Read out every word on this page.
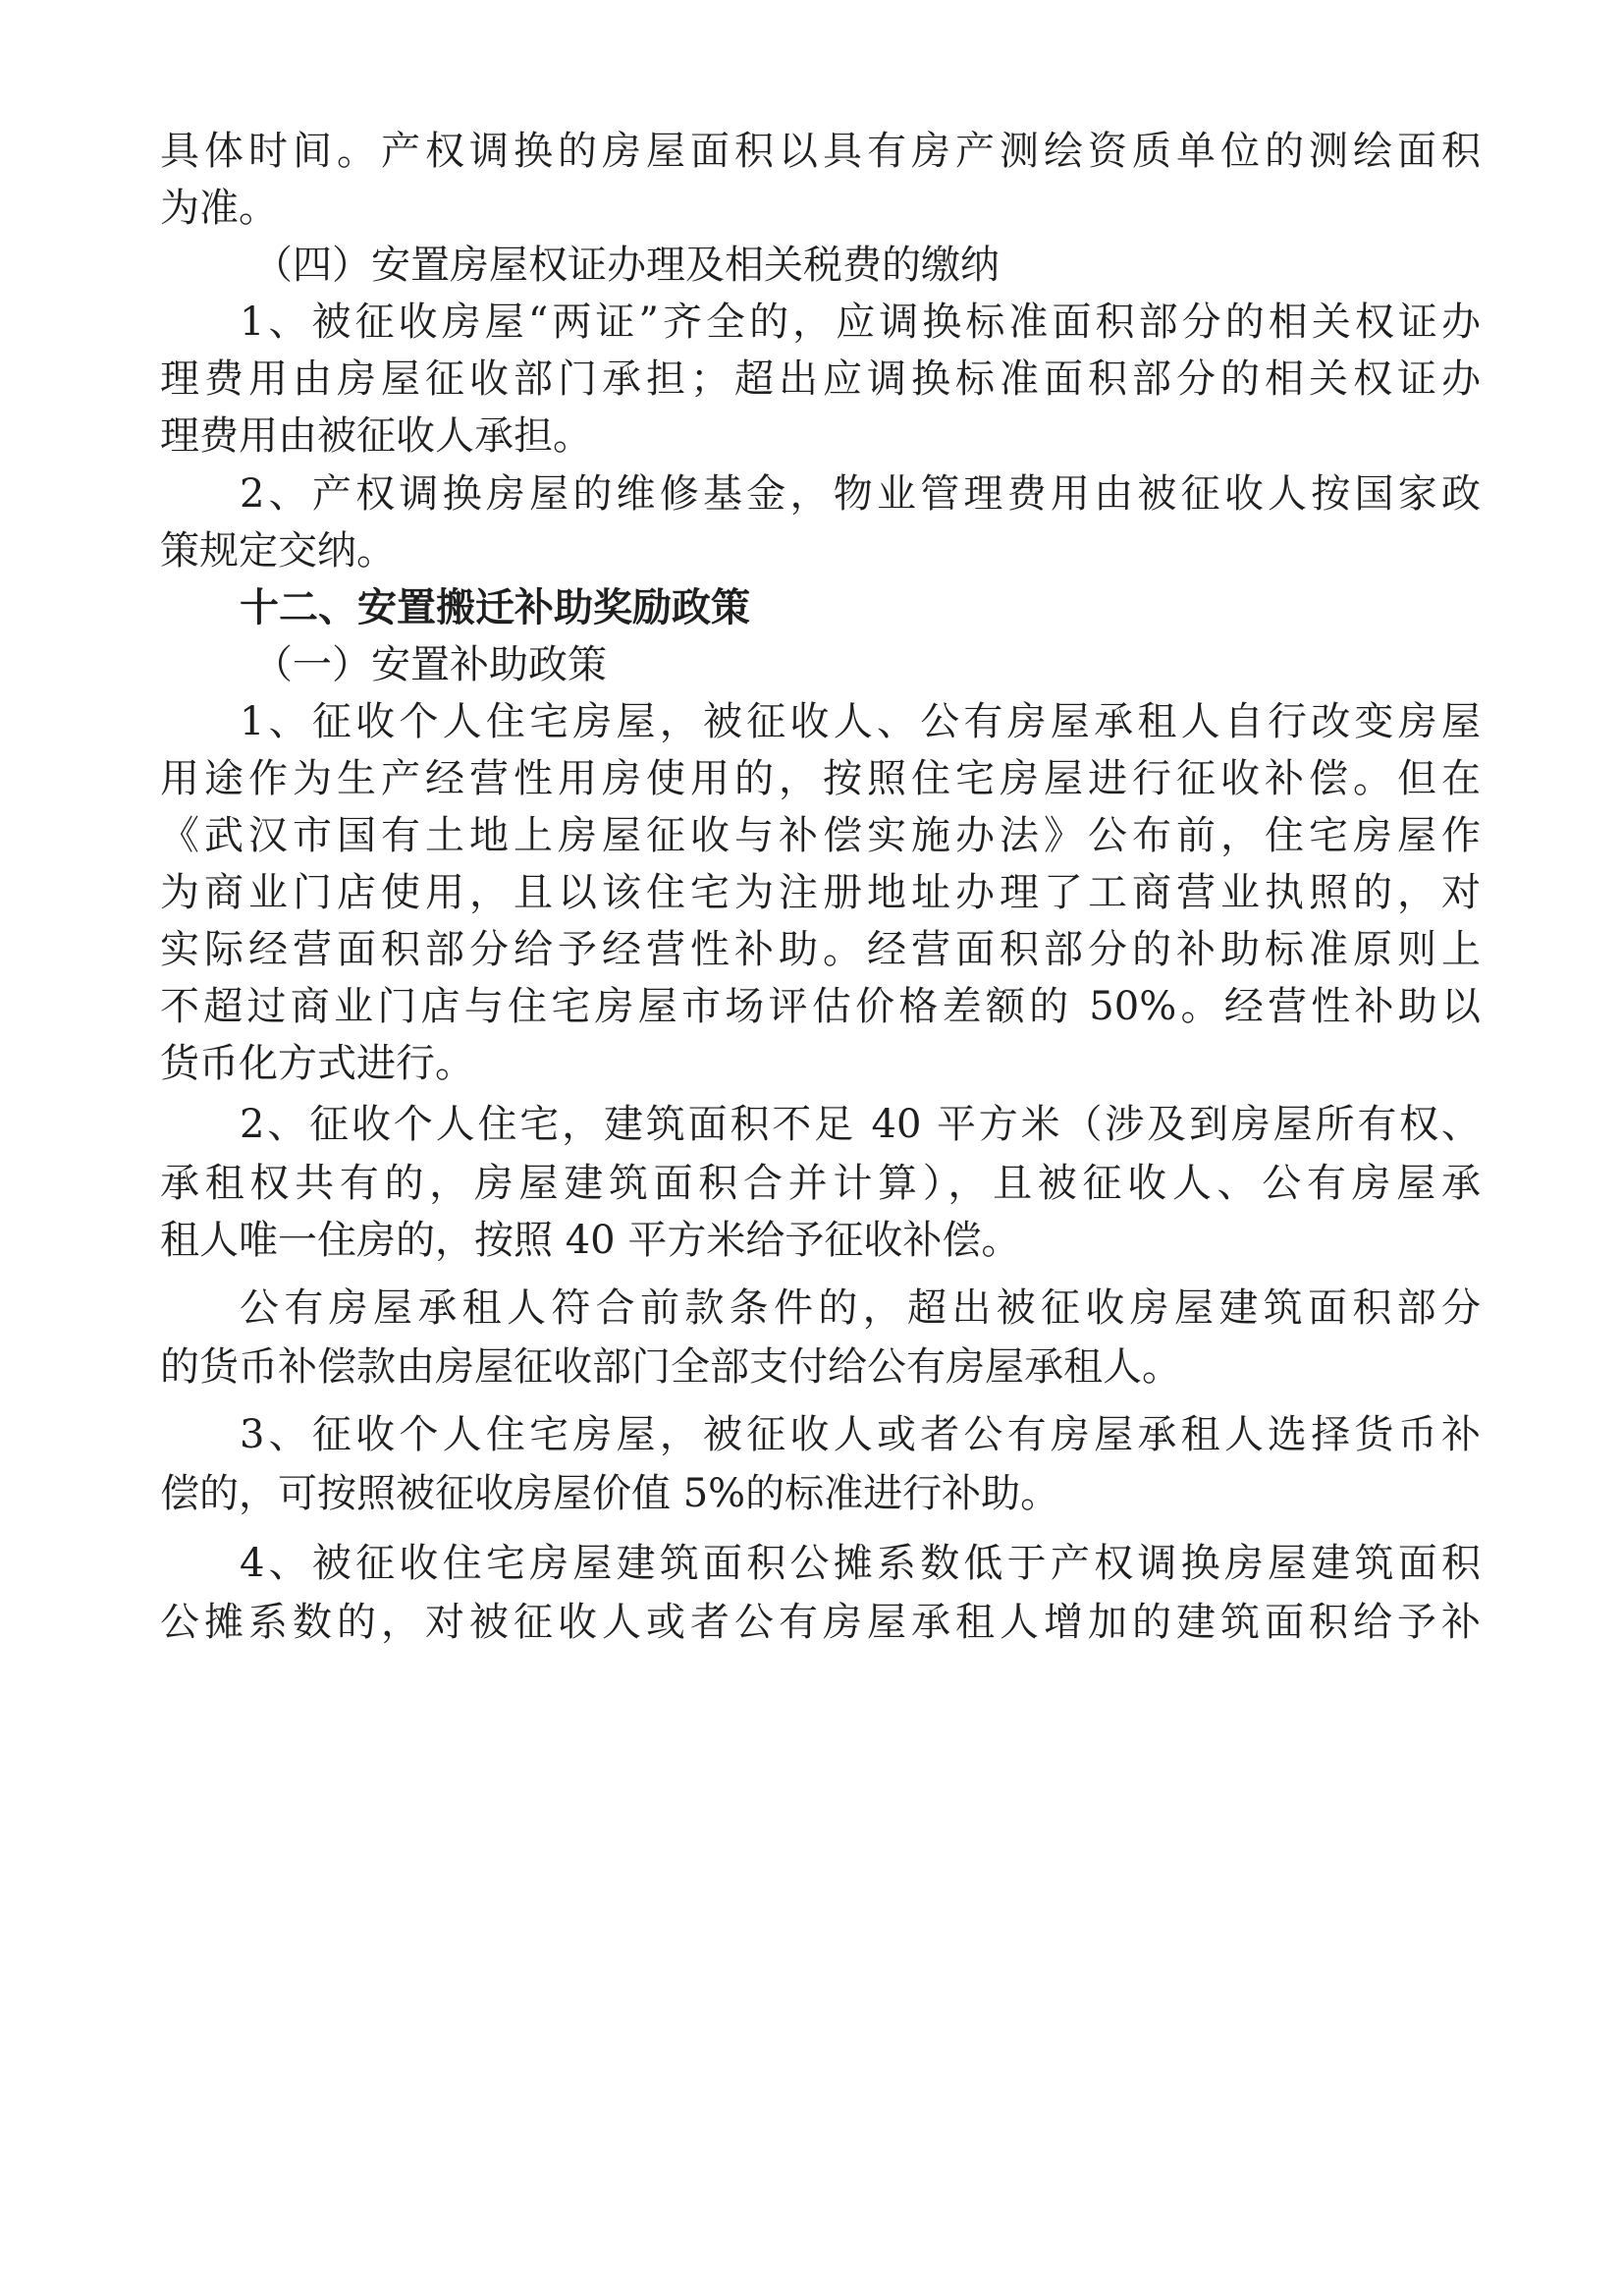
具体时间。产权调换的房屋面积以具有房产测绘资质单位的测绘面积
为准。
（四）安置房屋权证办理及相关税费的缴纳
1、被征收房屋“两证”齐全的，应调换标准面积部分的相关权证办
理费用由房屋征收部门承担；超出应调换标准面积部分的相关权证办
理费用由被征收人承担。
2、产权调换房屋的维修基金，物业管理费用由被征收人按国家政
策规定交纳。
十二、安置搬迁补助奖励政策
（一）安置补助政策
1、征收个人住宅房屋，被征收人、公有房屋承租人自行改变房屋
用途作为生产经营性用房使用的，按照住宅房屋进行征收补偿。但在
《武汉市国有土地上房屋征收与补偿实施办法》公布前，住宅房屋作
为商业门店使用，且以该住宅为注册地址办理了工商营业执照的，对
实际经营面积部分给予经营性补助。经营面积部分的补助标准原则上
不超过商业门店与住宅房屋市场评估价格差额的 50%。经营性补助以
货币化方式进行。
2、征收个人住宅，建筑面积不足 40 平方米（涉及到房屋所有权、
承租权共有的，房屋建筑面积合并计算），且被征收人、公有房屋承
租人唯一住房的，按照 40 平方米给予征收补偿。
公有房屋承租人符合前款条件的，超出被征收房屋建筑面积部分
的货币补偿款由房屋征收部门全部支付给公有房屋承租人。
3、征收个人住宅房屋，被征收人或者公有房屋承租人选择货币补
偿的，可按照被征收房屋价值 5%的标准进行补助。
4、被征收住宅房屋建筑面积公摊系数低于产权调换房屋建筑面积
公摊系数的，对被征收人或者公有房屋承租人增加的建筑面积给予补
